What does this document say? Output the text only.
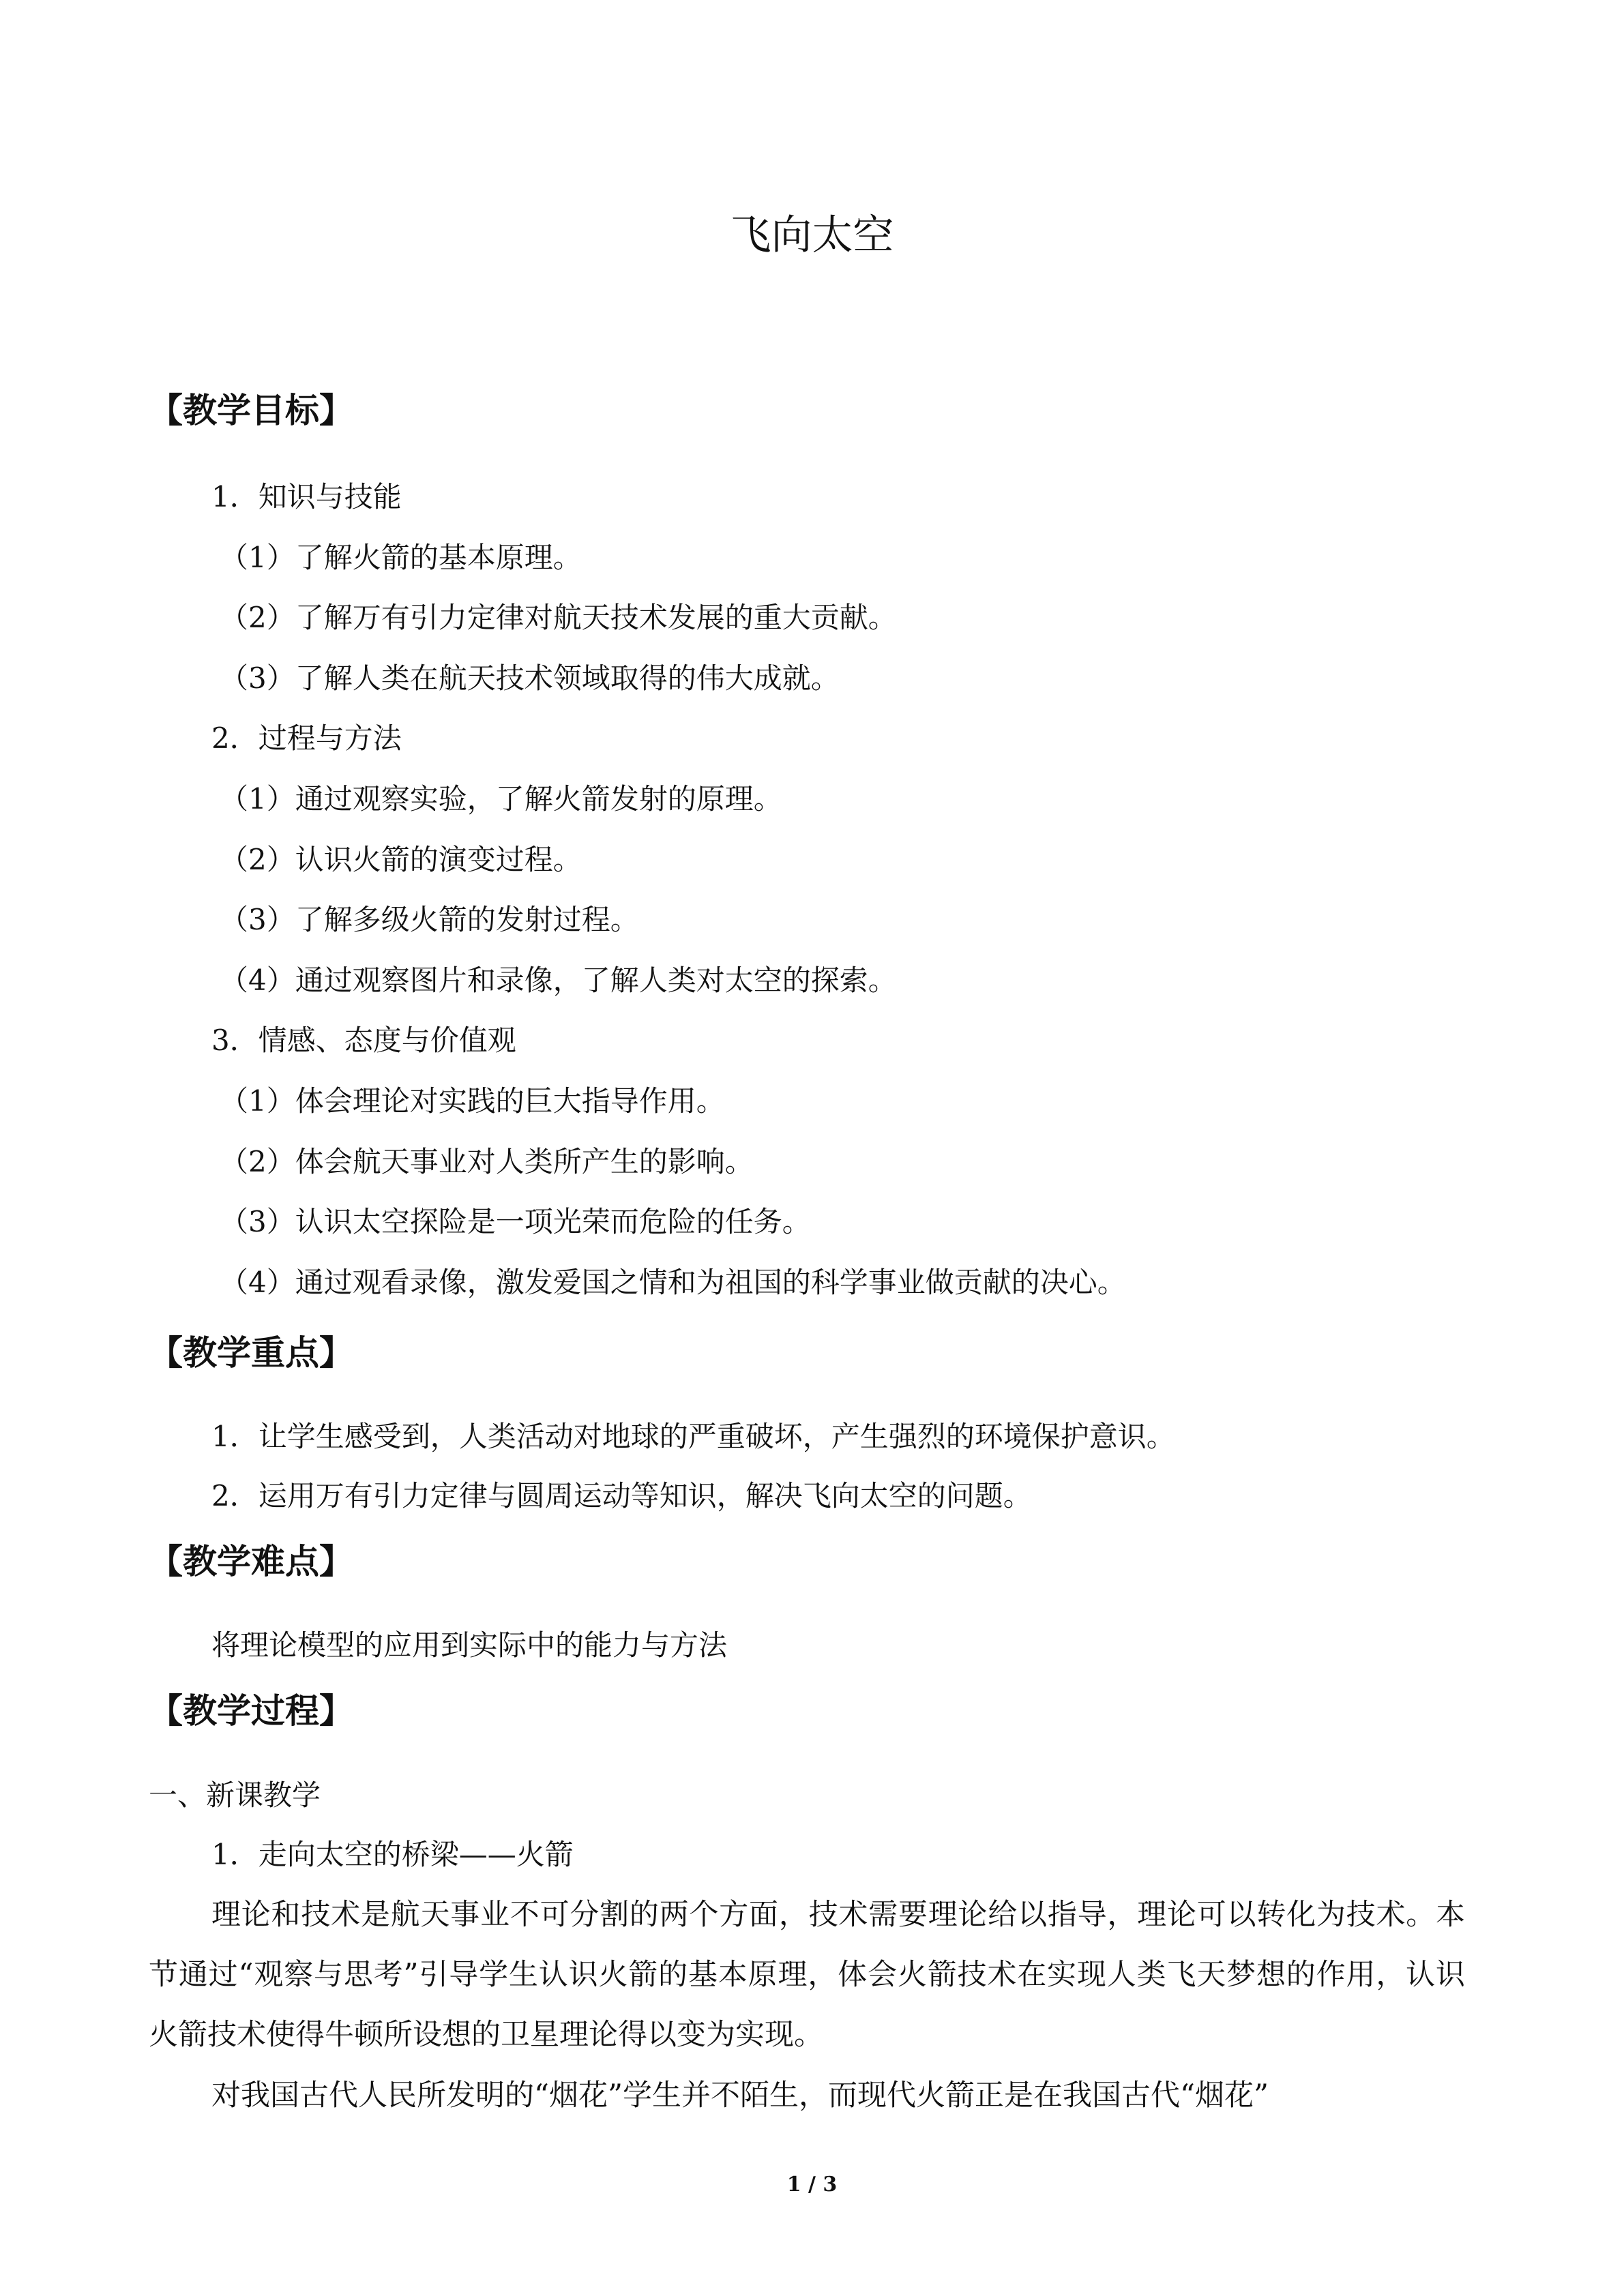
飞向太空
【教学目标】

1．知识与技能

（1）了解火箭的基本原理。

（2）了解万有引力定律对航天技术发展的重大贡献。

（3）了解人类在航天技术领域取得的伟大成就。

2．过程与方法

（1）通过观察实验，了解火箭发射的原理。

（2）认识火箭的演变过程。

（3）了解多级火箭的发射过程。

（4）通过观察图片和录像，了解人类对太空的探索。

3．情感、态度与价值观

（1）体会理论对实践的巨大指导作用。

（2）体会航天事业对人类所产生的影响。

（3）认识太空探险是一项光荣而危险的任务。

（4）通过观看录像，激发爱国之情和为祖国的科学事业做贡献的决心。

【教学重点】

1．让学生感受到，人类活动对地球的严重破坏，产生强烈的环境保护意识。

2．运用万有引力定律与圆周运动等知识，解决飞向太空的问题。

【教学难点】

将理论模型的应用到实际中的能力与方法

【教学过程】

一、新课教学

1．走向太空的桥梁——火箭

理论和技术是航天事业不可分割的两个方面，技术需要理论给以指导，理论可以转化为技术。本节通过“观察与思考”引导学生认识火箭的基本原理，体会火箭技术在实现人类飞天梦想的作用，认识火箭技术使得牛顿所设想的卫星理论得以变为实现。

对我国古代人民所发明的“烟花”学生并不陌生，而现代火箭正是在我国古代“烟花”

1 / 3
